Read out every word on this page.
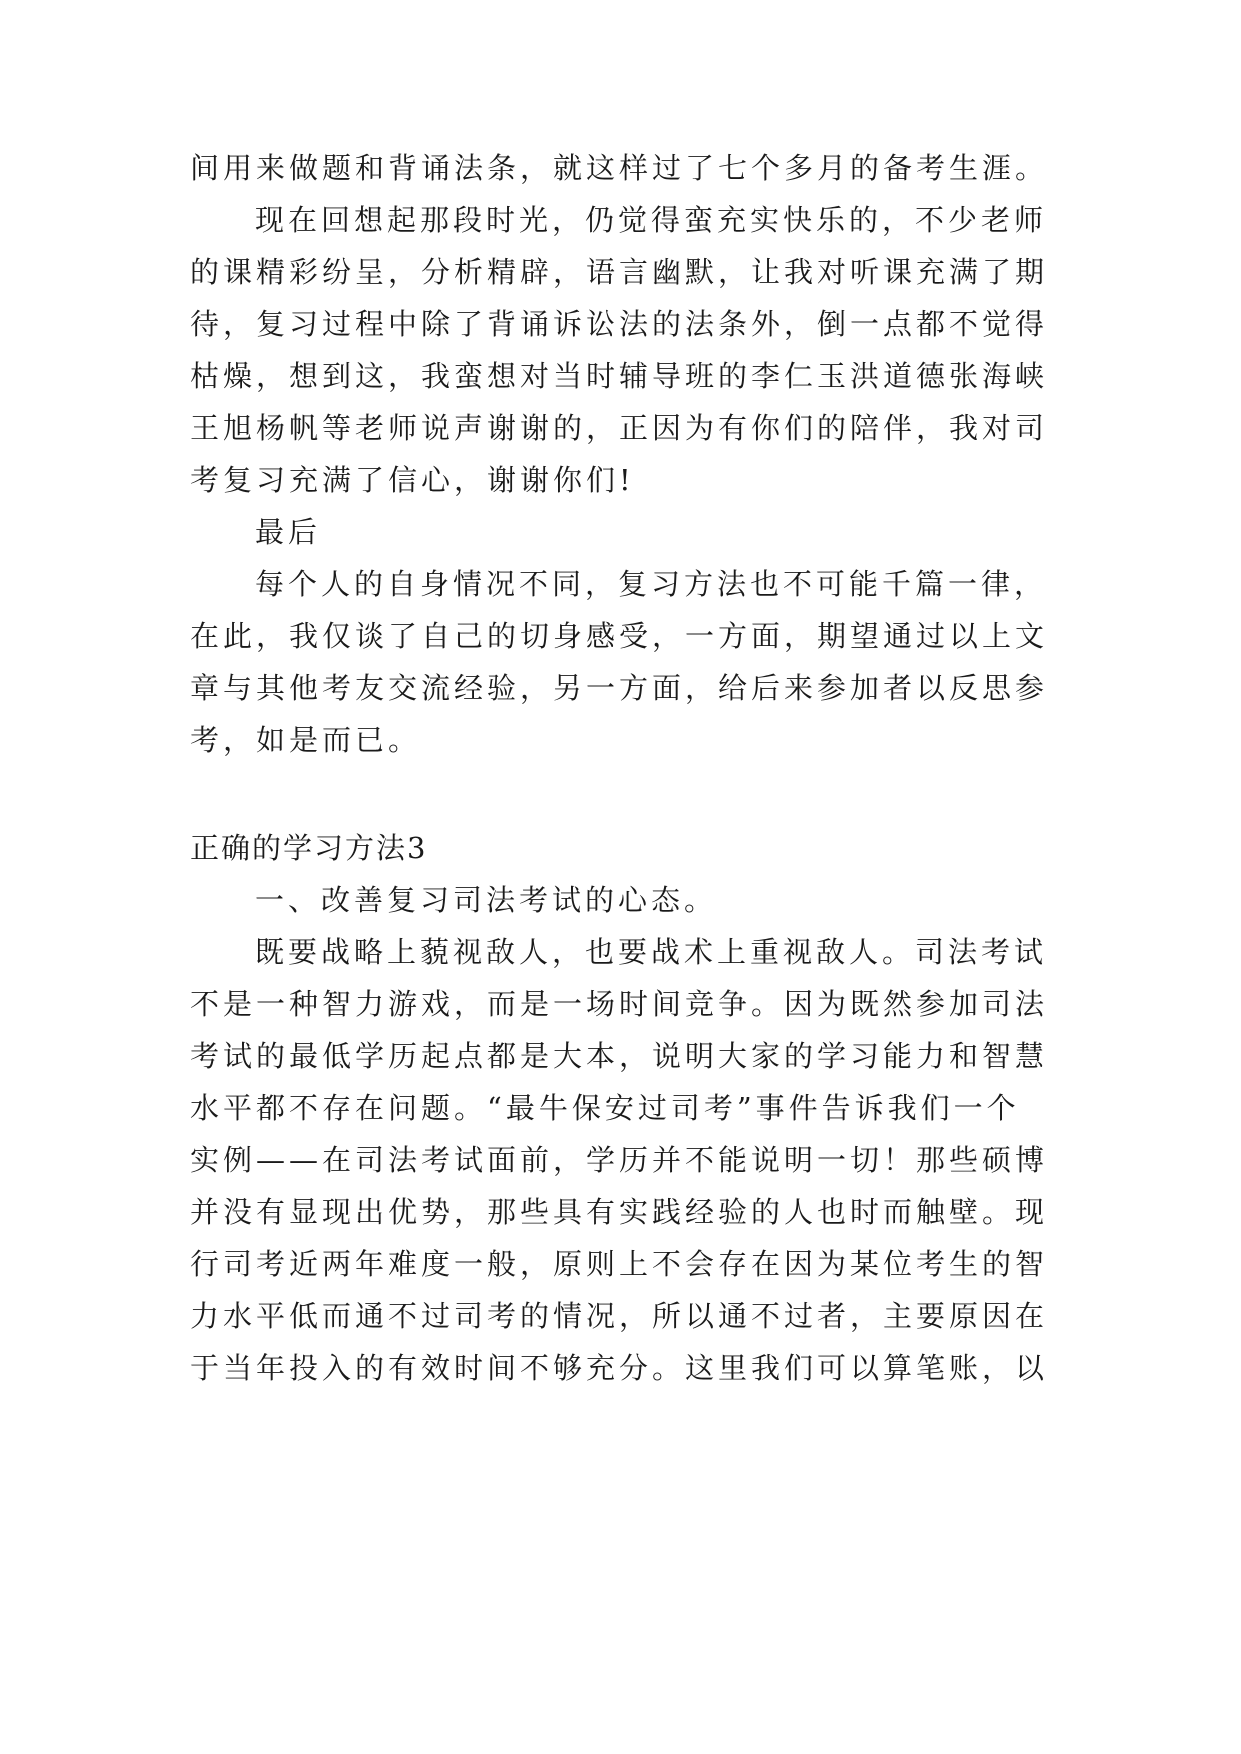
间用来做题和背诵法条，就这样过了七个多月的备考生涯。
现在回想起那段时光，仍觉得蛮充实快乐的，不少老师
的课精彩纷呈，分析精辟，语言幽默，让我对听课充满了期
待，复习过程中除了背诵诉讼法的法条外，倒一点都不觉得
枯燥，想到这，我蛮想对当时辅导班的李仁玉洪道德张海峡
王旭杨帆等老师说声谢谢的，正因为有你们的陪伴，我对司
考复习充满了信心，谢谢你们!
最后
每个人的自身情况不同，复习方法也不可能千篇一律，
在此，我仅谈了自己的切身感受，一方面，期望通过以上文
章与其他考友交流经验，另一方面，给后来参加者以反思参
考，如是而已。
正确的学习方法3
一、改善复习司法考试的心态。
既要战略上藐视敌人，也要战术上重视敌人。司法考试
不是一种智力游戏，而是一场时间竞争。因为既然参加司法
考试的最低学历起点都是大本，说明大家的学习能力和智慧
水平都不存在问题。“最牛保安过司考”事件告诉我们一个
实例——在司法考试面前，学历并不能说明一切！那些硕博
并没有显现出优势，那些具有实践经验的人也时而触壁。现
行司考近两年难度一般，原则上不会存在因为某位考生的智
力水平低而通不过司考的情况，所以通不过者，主要原因在
于当年投入的有效时间不够充分。这里我们可以算笔账，以
